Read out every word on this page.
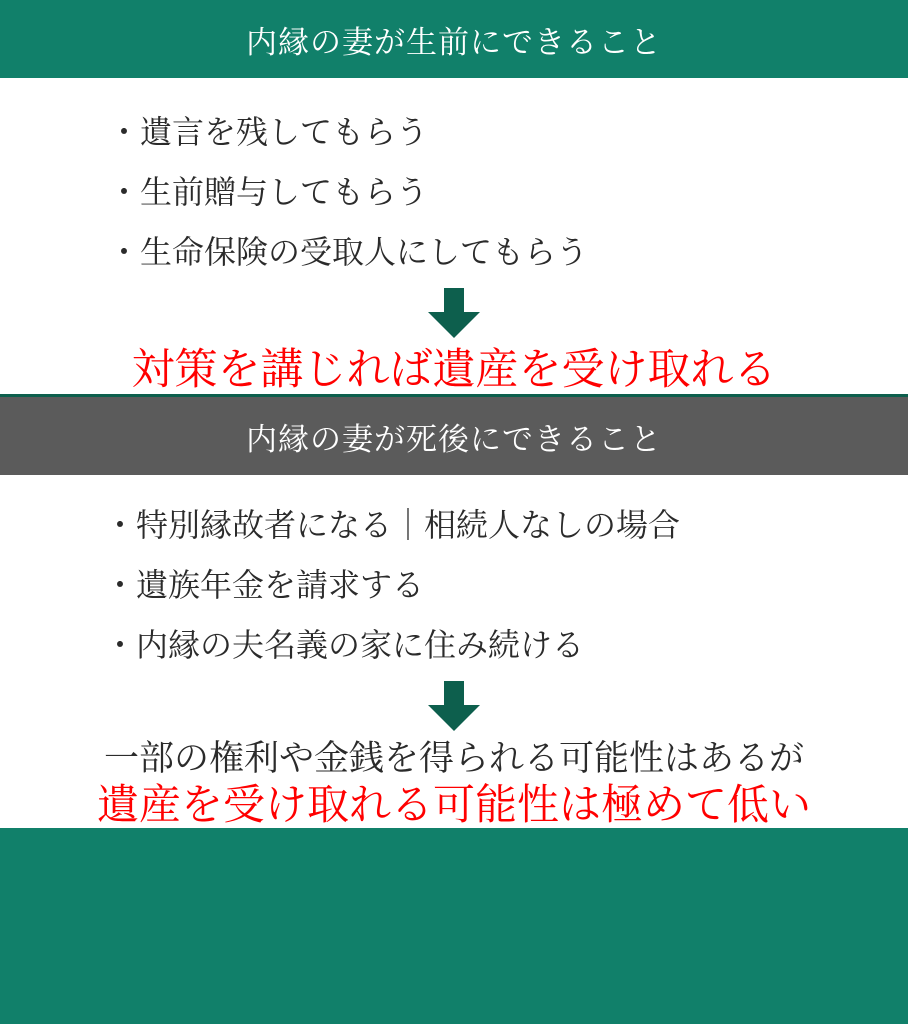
内縁の妻が生前にできること
・遺言を残してもらう
・生前贈与してもらう
・生命保険の受取人にしてもらう
対策を講じれば遺産を受け取れる
内縁の妻が死後にできること
・特別縁故者になる｜相続人なしの場合
・遺族年金を請求する
・内縁の夫名義の家に住み続ける
一部の権利や金銭を得られる可能性はあるが
遺産を受け取れる可能性は極めて低い
